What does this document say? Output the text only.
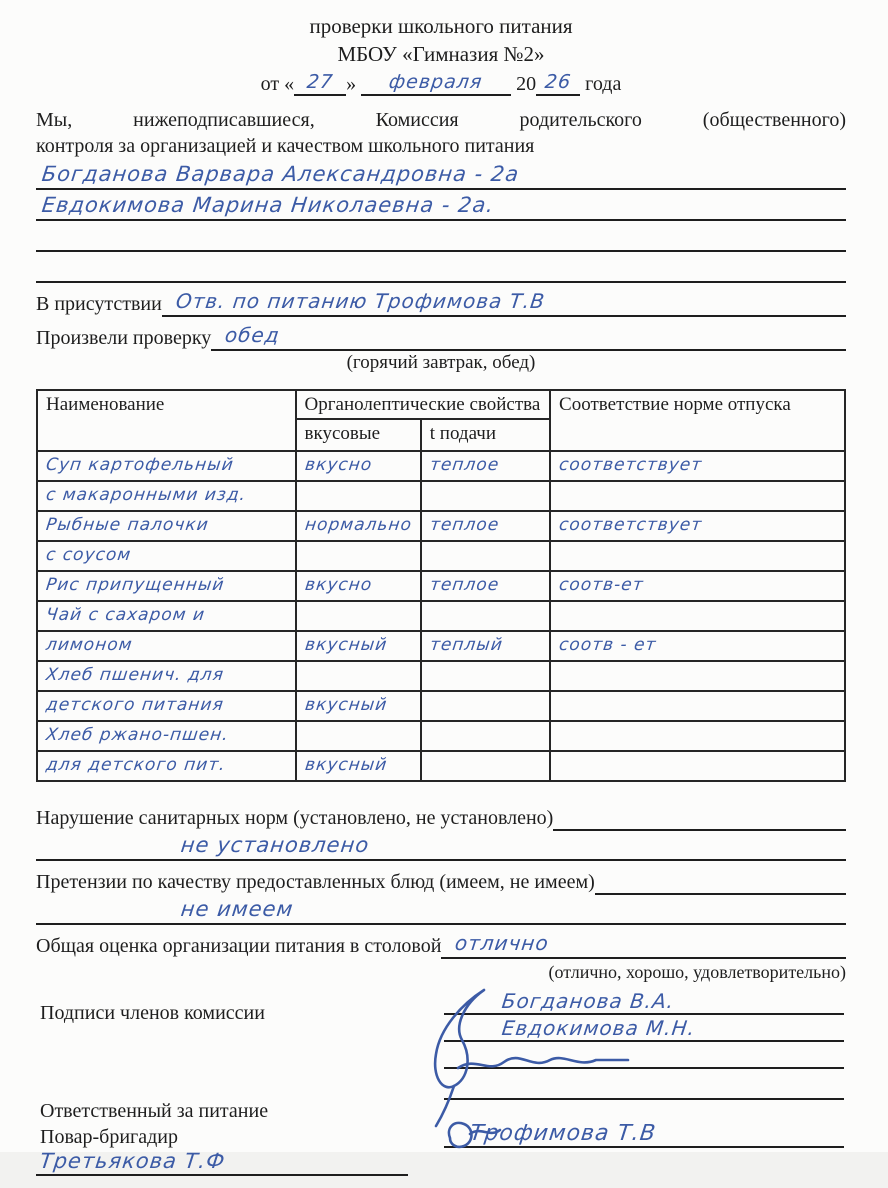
проверки школьного питания
МБОУ «Гимназия №2»
от « 27 » февраля 20 26 года

Мы, нижеподписавшиеся, Комиссия родительского (общественного)
контроля за организацией и качеством школьного питания

Богданова Варвара Александровна - 2а
Евдокимова Марина Николаевна - 2а.
В присутствии Отв. по питанию Трофимова Т.В
Произвели проверку обед
(горячий завтрак, обед)
Наименование	Органолептические свойства		Соответствие норме отпуска
	вкусовые	t подачи	
Суп картофельный	вкусно	теплое	соответствует
с макаронными изд.			
Рыбные палочки	нормально	теплое	соответствует
с соусом			
Рис припущенный	вкусно	теплое	соотв-ет
Чай с сахаром и			
лимоном	вкусный	теплый	соотв - ет
Хлеб пшенич. для			
детского питания	вкусный		
Хлеб ржано-пшен.			
для детского пит.	вкусный		
Нарушение санитарных норм (установлено, не установлено)
не установлено
Претензии по качеству предоставленных блюд (имеем, не имеем)
не имеем
Общая оценка организации питания в столовой отлично
(отлично, хорошо, удовлетворительно)
Подписи членов комиссии	Богданова В.А.
Евдокимова М.Н.
Трофимова Т.В
Ответственный за питание
Повар-бригадир
Третьякова Т.Ф
